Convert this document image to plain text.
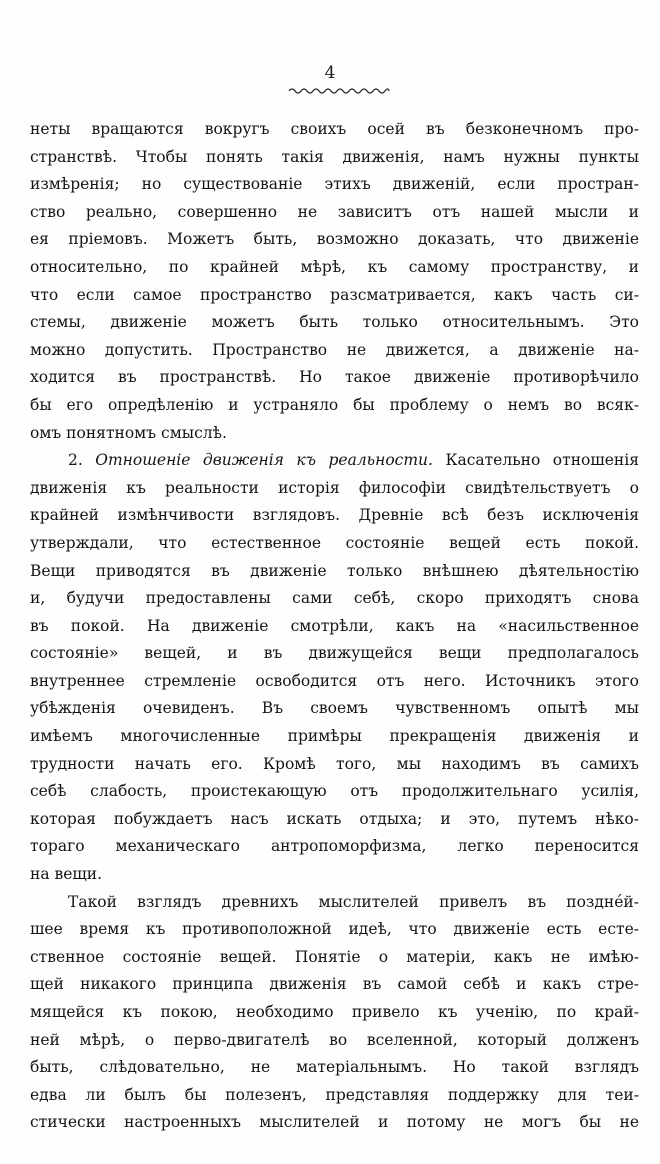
4
неты вращаются вокругъ своихъ осей въ безконечномъ про-
странствѣ. Чтобы понять такія движенія, намъ нужны пункты
измѣренія; но существованіе этихъ движеній, если простран-
ство реально, совершенно не зависитъ отъ нашей мысли и
ея пріемовъ. Можетъ быть, возможно доказать, что движеніе
относительно, по крайней мѣрѣ, къ самому пространству, и
что если самое пространство разсматривается, какъ часть си-
стемы, движеніе можетъ быть только относительнымъ. Это
можно допустить. Пространство не движется, а движеніе на-
ходится въ пространствѣ. Но такое движеніе противорѣчило
бы его опредѣленію и устраняло бы проблему о немъ во всяк-
омъ понятномъ смыслѣ.
2. Отношеніе движенія къ реальности. Касательно отношенія
движенія къ реальности исторія философіи свидѣтельствуетъ о
крайней измѣнчивости взглядовъ. Древніе всѣ безъ исключенія
утверждали, что естественное состояніе вещей есть покой.
Вещи приводятся въ движеніе только внѣшнею дѣятельностію
и, будучи предоставлены сами себѣ, скоро приходятъ снова
въ покой. На движеніе смотрѣли, какъ на «насильственное
состояніе» вещей, и въ движущейся вещи предполагалось
внутреннее стремленіе освободится отъ него. Источникъ этого
убѣжденія очевиденъ. Въ своемъ чувственномъ опытѣ мы
имѣемъ многочисленные примѣры прекращенія движенія и
трудности начать его. Кромѣ того, мы находимъ въ самихъ
себѣ слабость, проистекающую отъ продолжительнаго усилія,
которая побуждаетъ насъ искать отдыха; и это, путемъ нѣко-
тораго механическаго антропоморфизма, легко переносится
на вещи.
Такой взглядъ древнихъ мыслителей привелъ въ поздне́й-
шее время къ противоположной идеѣ, что движеніе есть есте-
ственное состояніе вещей. Понятіе о матеріи, какъ не имѣю-
щей никакого принципа движенія въ самой себѣ и какъ стре-
мящейся къ покою, необходимо привело къ ученію, по край-
ней мѣрѣ, о перво-двигателѣ во вселенной, который долженъ
быть, слѣдовательно, не матеріальнымъ. Но такой взглядъ
едва ли былъ бы полезенъ, представляя поддержку для теи-
стически настроенныхъ мыслителей и потому не могъ бы не
